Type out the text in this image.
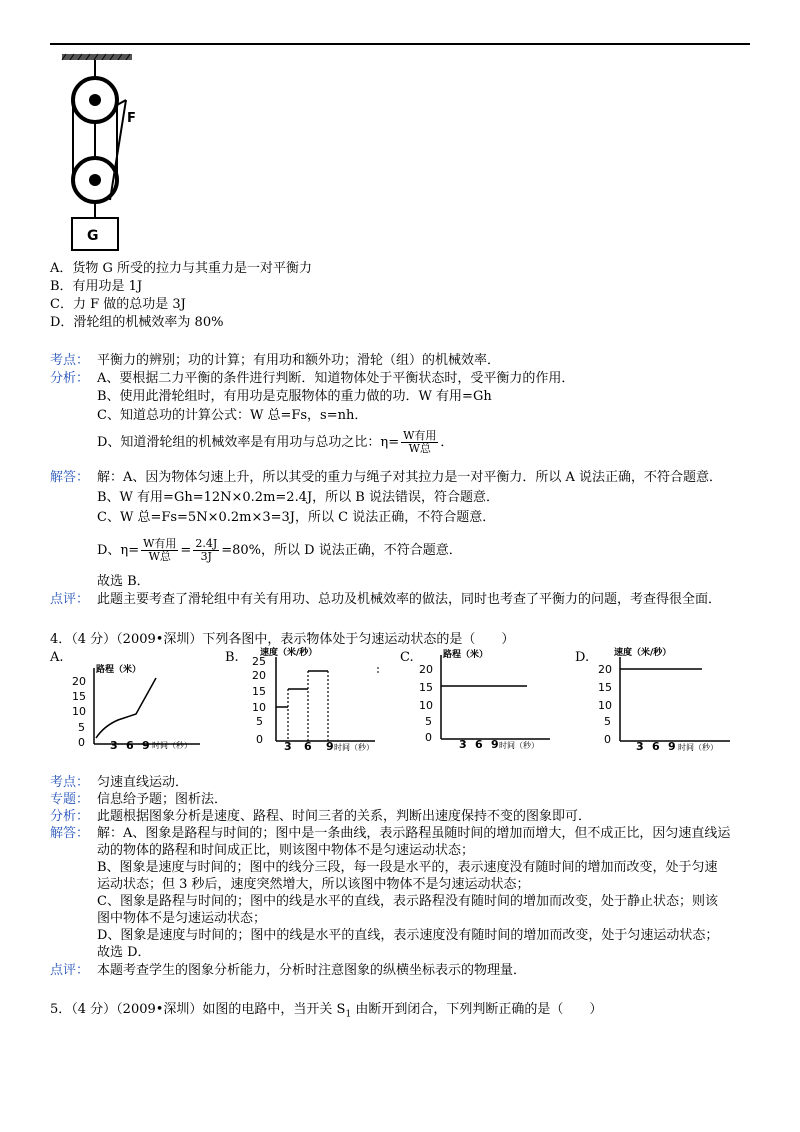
F
G
A．货物 G 所受的拉力与其重力是一对平衡力
B．有用功是 1J
C．力 F 做的总功是 3J
D．滑轮组的机械效率为 80%
考点： 平衡力的辨别；功的计算；有用功和额外功；滑轮（组）的机械效率．
分析： A、要根据二力平衡的条件进行判断．知道物体处于平衡状态时，受平衡力的作用．
B、使用此滑轮组时，有用功是克服物体的重力做的功．W 有用=Gh
C、知道总功的计算公式：W 总=Fs，s=nh．
D、知道滑轮组的机械效率是有用功与总功之比：$\eta= \frac{\text{W有用}}{\text{W总}}$ ．
解答： 解：A、因为物体匀速上升，所以其受的重力与绳子对其拉力是一对平衡力．所以 A 说法正确，不符合题意．
B、W 有用=Gh=12N×0.2m=2.4J，所以 B 说法错误，符合题意．
C、W 总=Fs=5N×0.2m×3=3J，所以 C 说法正确，不符合题意．
D、$\eta= \frac{\text{W有用}}{\text{W总}} = \frac{2.4J}{3J} =80\%$，所以 D 说法正确，不符合题意．
故选 B．
点评： 此题主要考查了滑轮组中有关有用功、总功及机械效率的做法，同时也考查了平衡力的问题，考查得很全面．
4．（4 分）（2009•深圳）下列各图中，表示物体处于匀速运动状态的是（　　）
A.
路程（米）
0
5
10
15
20
3 6 9 时间（秒）
B. 速度（米/秒）
0
5
10
15
20
25
3 6 9 时间（秒）
C.	路程（米）
0
5
10
15
20
3 6 9 时间（秒）
D.	速度（米/秒）
0
5
10
15
20
3 6 9 时间（秒）
考点： 匀速直线运动．
专题： 信息给予题；图析法．
分析： 此题根据图象分析是速度、路程、时间三者的关系，判断出速度保持不变的图象即可．
解答： 解：A、图象是路程与时间的；图中是一条曲线，表示路程虽随时间的增加而增大，但不成正比，因匀速直线运
动的物体的路程和时间成正比，则该图中物体不是匀速运动状态；
B、图象是速度与时间的；图中的线分三段，每一段是水平的，表示速度没有随时间的增加而改变，处于匀速
运动状态；但 3 秒后，速度突然增大，所以该图中物体不是匀速运动状态；
C、图象是路程与时间的；图中的线是水平的直线，表示路程没有随时间的增加而改变，处于静止状态；则该
图中物体不是匀速运动状态；
D、图象是速度与时间的；图中的线是水平的直线，表示速度没有随时间的增加而改变，处于匀速运动状态；
故选 D．
点评： 本题考查学生的图象分析能力，分析时注意图象的纵横坐标表示的物理量．
5．（4 分）（2009•深圳）如图的电路中，当开关 $S_1$ 由断开到闭合，下列判断正确的是（　　）
